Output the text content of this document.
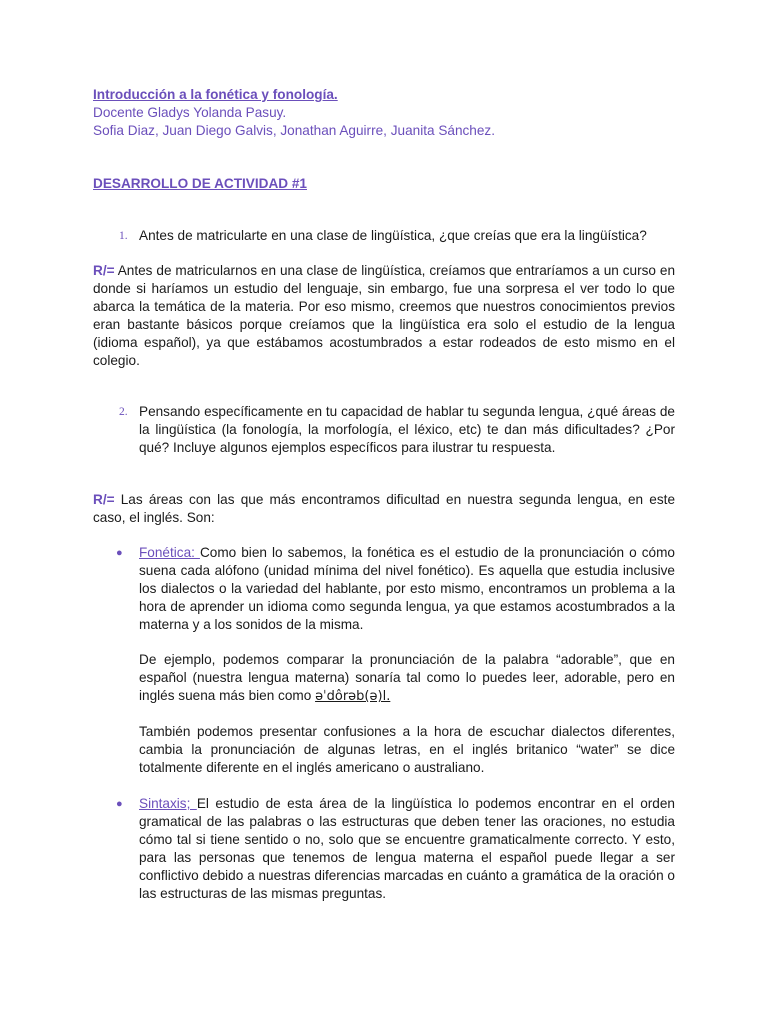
Introducción a la fonética y fonología.

Docente Gladys Yolanda Pasuy.

Sofia Diaz, Juan Diego Galvis, Jonathan Aguirre, Juanita Sánchez.

DESARROLLO DE ACTIVIDAD #1

1. Antes de matricularte en una clase de lingüística, ¿que creías que era la lingüística?

R/= Antes de matricularnos en una clase de lingüística, creíamos que entraríamos a un curso en donde si haríamos un estudio del lenguaje, sin embargo, fue una sorpresa el ver todo lo que abarca la temática de la materia. Por eso mismo, creemos que nuestros conocimientos previos eran bastante básicos porque creíamos que la lingüística era solo el estudio de la lengua (idioma español), ya que estábamos acostumbrados a estar rodeados de esto mismo en el colegio.

2. Pensando específicamente en tu capacidad de hablar tu segunda lengua, ¿qué áreas de la lingüística (la fonología, la morfología, el léxico, etc) te dan más dificultades? ¿Por qué? Incluye algunos ejemplos específicos para ilustrar tu respuesta.

R/= Las áreas con las que más encontramos dificultad en nuestra segunda lengua, en este caso, el inglés. Son:

● Fonética: Como bien lo sabemos, la fonética es el estudio de la pronunciación o cómo suena cada alófono (unidad mínima del nivel fonético). Es aquella que estudia inclusive los dialectos o la variedad del hablante, por esto mismo, encontramos un problema a la hora de aprender un idioma como segunda lengua, ya que estamos acostumbrados a la materna y a los sonidos de la misma.

De ejemplo, podemos comparar la pronunciación de la palabra “adorable”, que en español (nuestra lengua materna) sonaría tal como lo puedes leer, adorable, pero en inglés suena más bien como əˈdôrəb(ə)l.

También podemos presentar confusiones a la hora de escuchar dialectos diferentes, cambia la pronunciación de algunas letras, en el inglés britanico “water” se dice totalmente diferente en el inglés americano o australiano.

● Sintaxis; El estudio de esta área de la lingüística lo podemos encontrar en el orden gramatical de las palabras o las estructuras que deben tener las oraciones, no estudia cómo tal si tiene sentido o no, solo que se encuentre gramaticalmente correcto. Y esto, para las personas que tenemos de lengua materna el español puede llegar a ser conflictivo debido a nuestras diferencias marcadas en cuánto a gramática de la oración o las estructuras de las mismas preguntas.
